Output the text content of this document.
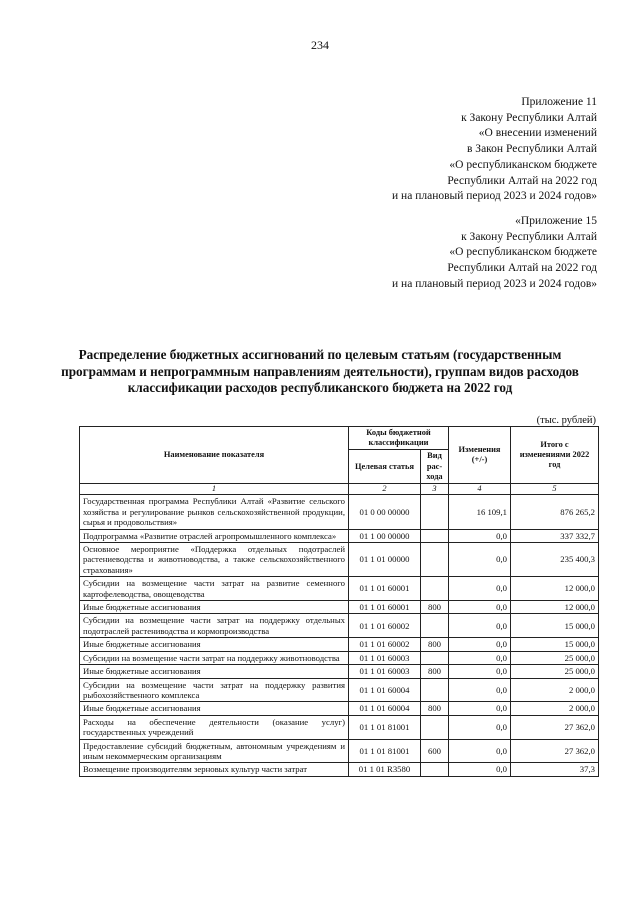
234
Приложение 11
к Закону Республики Алтай
«О внесении изменений
в Закон Республики Алтай
«О республиканском бюджете
Республики Алтай на 2022 год
и на плановый период 2023 и 2024 годов»
«Приложение 15
к Закону Республики Алтай
«О республиканском бюджете
Республики Алтай на 2022 год
и на плановый период 2023 и 2024 годов»
Распределение бюджетных ассигнований по целевым статьям (государственным программам и непрограммным направлениям деятельности), группам видов расходов классификации расходов республиканского бюджета на 2022 год
(тыс. рублей)
Наименование показателя	Коды бюджетной классификации		Изменения (+/-)	Итого с изменениями 2022 год
	Целевая статья	Вид рас-хода		
1	2	3	4	5
Государственная программа Республики Алтай «Развитие сельского хозяйства и регулирование рынков сельскохозяйственной продукции, сырья и продовольствия»	01 0 00 00000		16 109,1	876 265,2
Подпрограмма «Развитие отраслей агропромышленного комплекса»	01 1 00 00000		0,0	337 332,7
Основное мероприятие «Поддержка отдельных подотраслей растениеводства и животноводства, а также сельскохозяйственного страхования»	01 1 01 00000		0,0	235 400,3
Субсидии на возмещение части затрат на развитие семенного картофелеводства, овощеводства	01 1 01 60001		0,0	12 000,0
Иные бюджетные ассигнования	01 1 01 60001	800	0,0	12 000,0
Субсидии на возмещение части затрат на поддержку отдельных подотраслей растениводства и кормопроизводства	01 1 01 60002		0,0	15 000,0
Иные бюджетные ассигнования	01 1 01 60002	800	0,0	15 000,0
Субсидии на возмещение части затрат на поддержку животноводства	01 1 01 60003		0,0	25 000,0
Иные бюджетные ассигнования	01 1 01 60003	800	0,0	25 000,0
Субсидии на возмещение части затрат на поддержку развития рыбохозяйственного комплекса	01 1 01 60004		0,0	2 000,0
Иные бюджетные ассигнования	01 1 01 60004	800	0,0	2 000,0
Расходы на обеспечение деятельности (оказание услуг) государственных учреждений	01 1 01 81001		0,0	27 362,0
Предоставление субсидий бюджетным, автономным учреждениям и иным некоммерческим организациям	01 1 01 81001	600	0,0	27 362,0
Возмещение производителям зерновых культур части затрат	01 1 01 R3580		0,0	37,3
